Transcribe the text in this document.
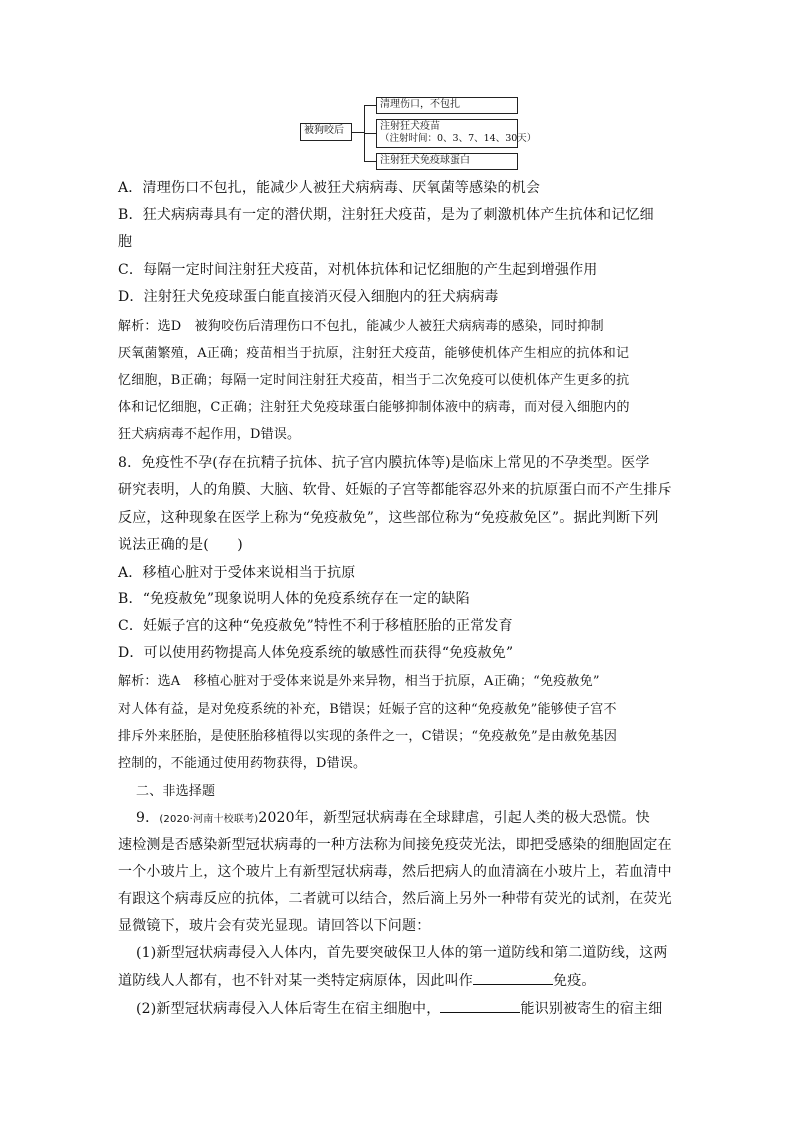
被狗咬后
清理伤口，不包扎
注射狂犬疫苗
（注射时间：0、3、7、14、30天）
注射狂犬免疫球蛋白
A．清理伤口不包扎，能减少人被狂犬病病毒、厌氧菌等感染的机会
B．狂犬病病毒具有一定的潜伏期，注射狂犬疫苗，是为了刺激机体产生抗体和记忆细
胞
C．每隔一定时间注射狂犬疫苗，对机体抗体和记忆细胞的产生起到增强作用
D．注射狂犬免疫球蛋白能直接消灭侵入细胞内的狂犬病病毒
解析：选D　被狗咬伤后清理伤口不包扎，能减少人被狂犬病病毒的感染，同时抑制
厌氧菌繁殖，A正确；疫苗相当于抗原，注射狂犬疫苗，能够使机体产生相应的抗体和记
忆细胞，B正确；每隔一定时间注射狂犬疫苗，相当于二次免疫可以使机体产生更多的抗
体和记忆细胞，C正确；注射狂犬免疫球蛋白能够抑制体液中的病毒，而对侵入细胞内的
狂犬病病毒不起作用，D错误。
8．免疫性不孕(存在抗精子抗体、抗子宫内膜抗体等)是临床上常见的不孕类型。医学
研究表明，人的角膜、大脑、软骨、妊娠的子宫等都能容忍外来的抗原蛋白而不产生排斥
反应，这种现象在医学上称为“免疫赦免”，这些部位称为“免疫赦免区”。据此判断下列
说法正确的是(　　)
B．“免疫赦免”现象说明人体的免疫系统存在一定的缺陷
A．移植心脏对于受体来说相当于抗原
C．妊娠子宫的这种“免疫赦免”特性不利于移植胚胎的正常发育
D．可以使用药物提高人体免疫系统的敏感性而获得“免疫赦免”
解析：选A　移植心脏对于受体来说是外来异物，相当于抗原，A正确；“免疫赦免”
对人体有益，是对免疫系统的补充，B错误；妊娠子宫的这种“免疫赦免”能够使子宫不
排斥外来胚胎，是使胚胎移植得以实现的条件之一，C错误；“免疫赦免”是由赦免基因
控制的，不能通过使用药物获得，D错误。
二、非选择题
9．(2020·河南十校联考)2020年，新型冠状病毒在全球肆虐，引起人类的极大恐慌。快
速检测是否感染新型冠状病毒的一种方法称为间接免疫荧光法，即把受感染的细胞固定在
一个小玻片上，这个玻片上有新型冠状病毒，然后把病人的血清滴在小玻片上，若血清中
有跟这个病毒反应的抗体，二者就可以结合，然后滴上另外一种带有荧光的试剂，在荧光
显微镜下，玻片会有荧光显现。请回答以下问题：
(1)新型冠状病毒侵入人体内，首先要突破保卫人体的第一道防线和第二道防线，这两
道防线人人都有，也不针对某一类特定病原体，因此叫作	免疫。
(2)新型冠状病毒侵入人体后寄生在宿主细胞中，	能识别被寄生的宿主细
